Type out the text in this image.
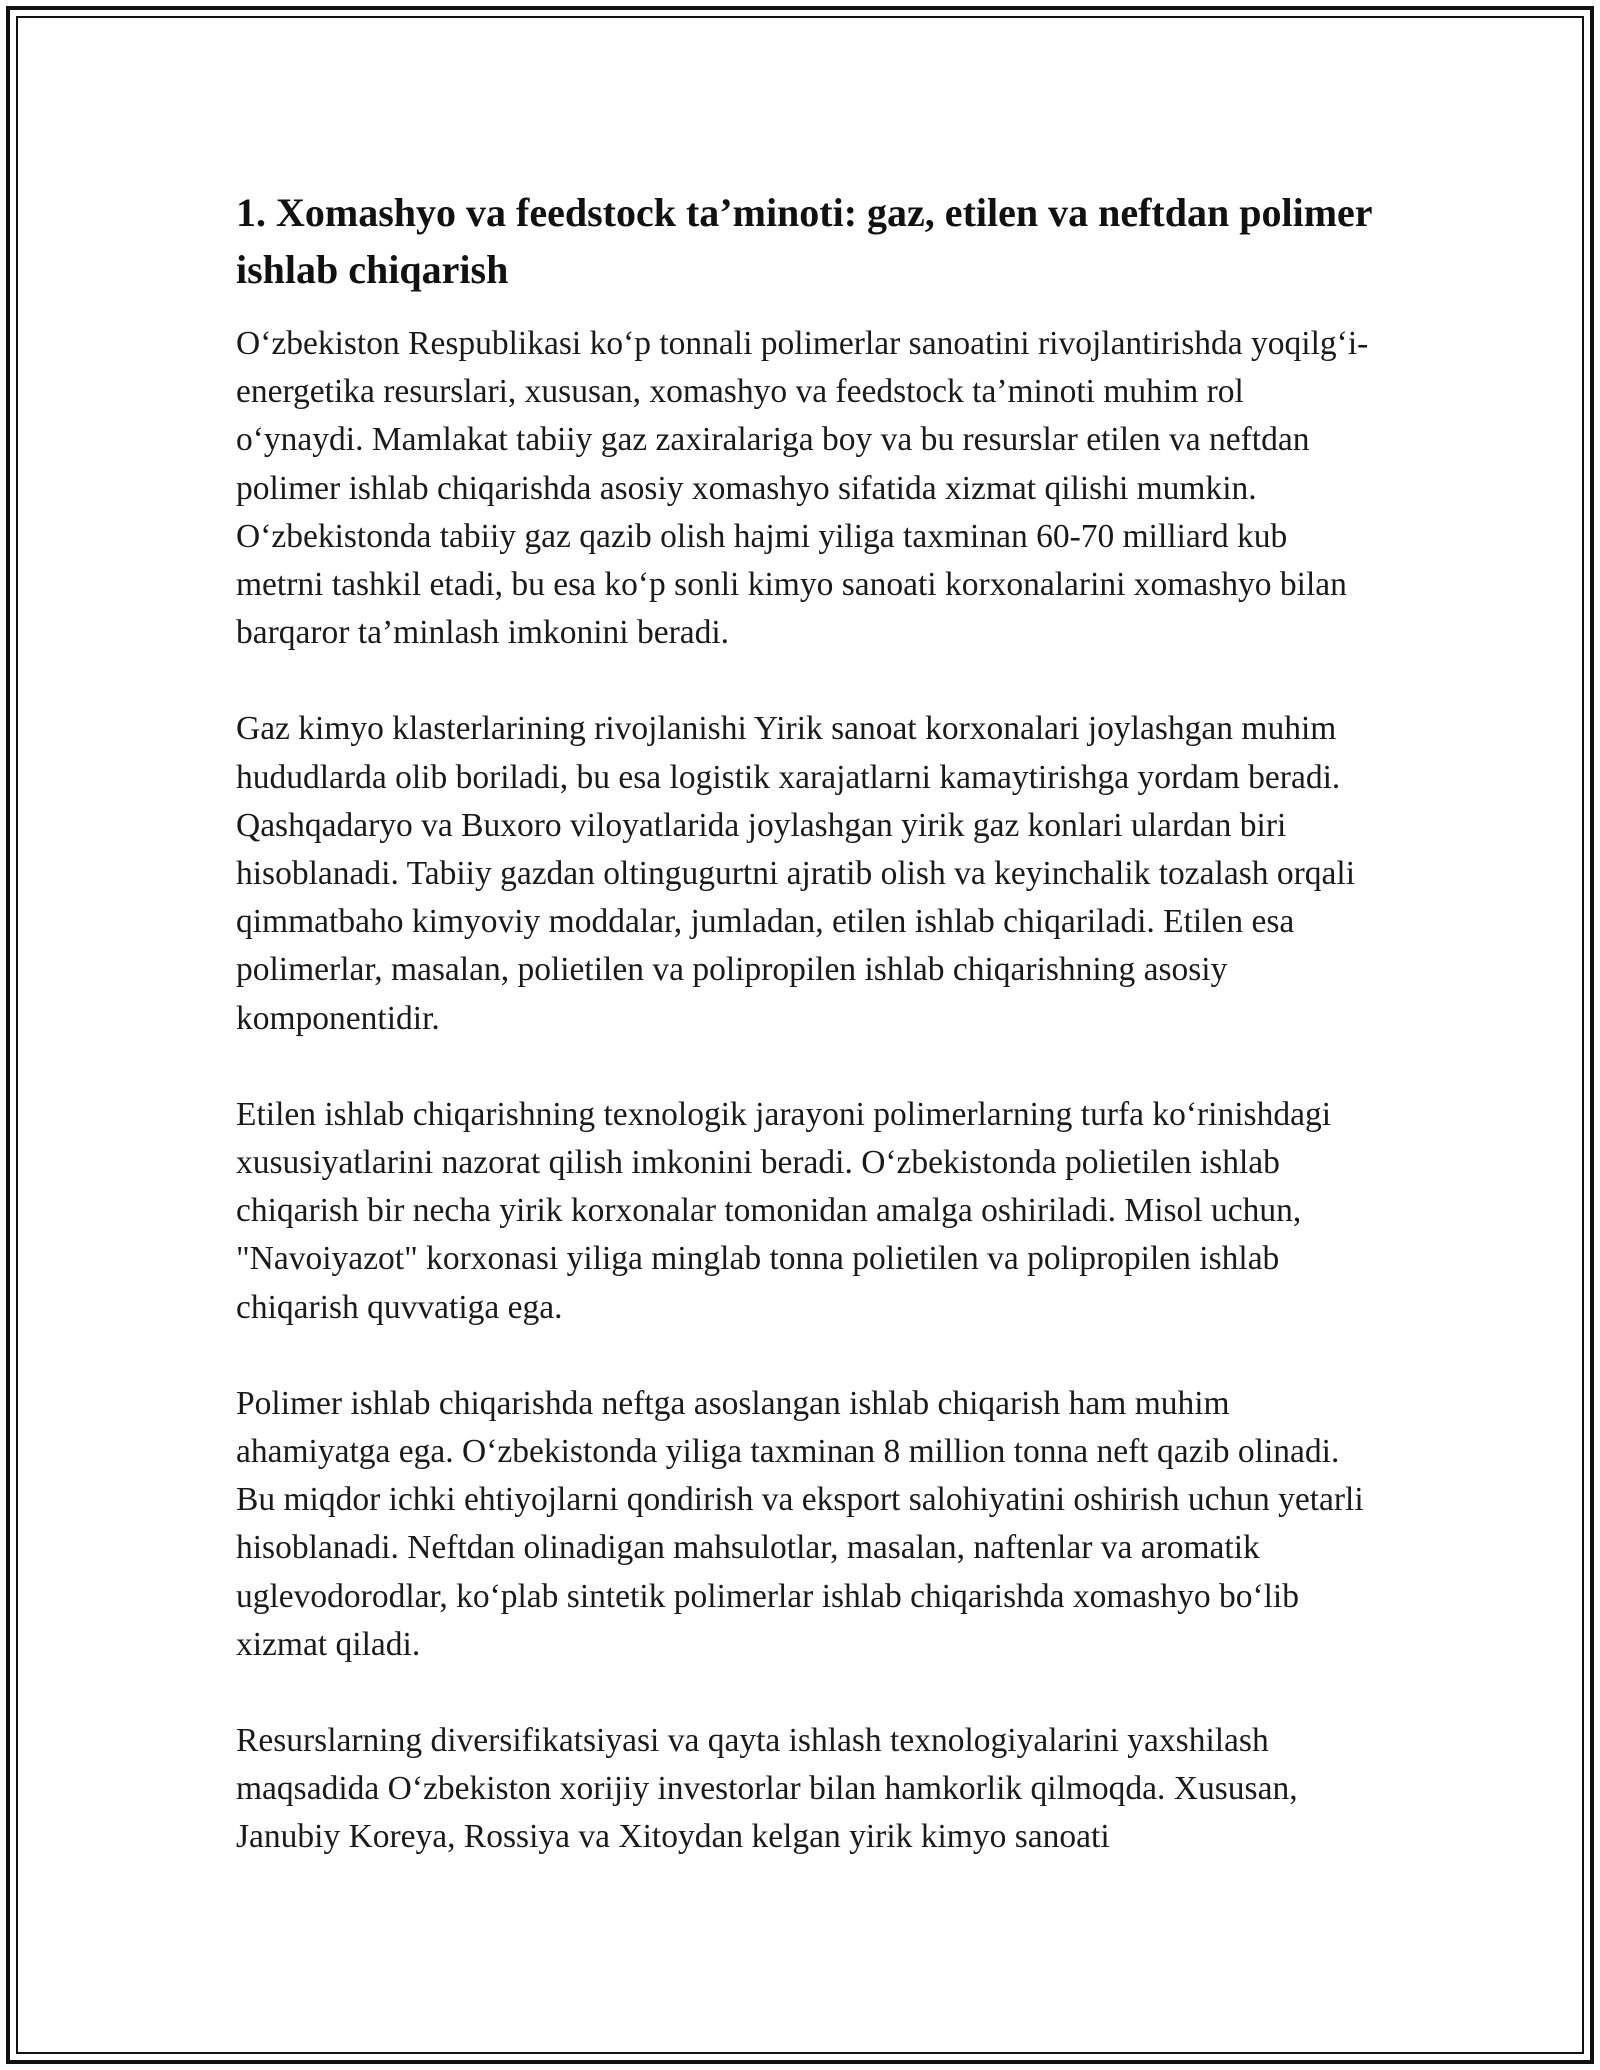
1. Xomashyo va feedstock ta’minoti: gaz, etilen va neftdan polimer ishlab chiqarish

O‘zbekiston Respublikasi ko‘p tonnali polimerlar sanoatini rivojlantirishda yoqilg‘i-energetika resurslari, xususan, xomashyo va feedstock ta’minoti muhim rol o‘ynaydi. Mamlakat tabiiy gaz zaxiralariga boy va bu resurslar etilen va neftdan polimer ishlab chiqarishda asosiy xomashyo sifatida xizmat qilishi mumkin. O‘zbekistonda tabiiy gaz qazib olish hajmi yiliga taxminan 60-70 milliard kub metrni tashkil etadi, bu esa ko‘p sonli kimyo sanoati korxonalarini xomashyo bilan barqaror ta’minlash imkonini beradi.

Gaz kimyo klasterlarining rivojlanishi Yirik sanoat korxonalari joylashgan muhim hududlarda olib boriladi, bu esa logistik xarajatlarni kamaytirishga yordam beradi. Qashqadaryo va Buxoro viloyatlarida joylashgan yirik gaz konlari ulardan biri hisoblanadi. Tabiiy gazdan oltingugurtni ajratib olish va keyinchalik tozalash orqali qimmatbaho kimyoviy moddalar, jumladan, etilen ishlab chiqariladi. Etilen esa polimerlar, masalan, polietilen va polipropilen ishlab chiqarishning asosiy komponentidir.

Etilen ishlab chiqarishning texnologik jarayoni polimerlarning turfa ko‘rinishdagi xususiyatlarini nazorat qilish imkonini beradi. O‘zbekistonda polietilen ishlab chiqarish bir necha yirik korxonalar tomonidan amalga oshiriladi. Misol uchun, "Navoiyazot" korxonasi yiliga minglab tonna polietilen va polipropilen ishlab chiqarish quvvatiga ega.

Polimer ishlab chiqarishda neftga asoslangan ishlab chiqarish ham muhim ahamiyatga ega. O‘zbekistonda yiliga taxminan 8 million tonna neft qazib olinadi. Bu miqdor ichki ehtiyojlarni qondirish va eksport salohiyatini oshirish uchun yetarli hisoblanadi. Neftdan olinadigan mahsulotlar, masalan, naftenlar va aromatik uglevodorodlar, ko‘plab sintetik polimerlar ishlab chiqarishda xomashyo bo‘lib xizmat qiladi.

Resurslarning diversifikatsiyasi va qayta ishlash texnologiyalarini yaxshilash maqsadida O‘zbekiston xorijiy investorlar bilan hamkorlik qilmoqda. Xususan, Janubiy Koreya, Rossiya va Xitoydan kelgan yirik kimyo sanoati
